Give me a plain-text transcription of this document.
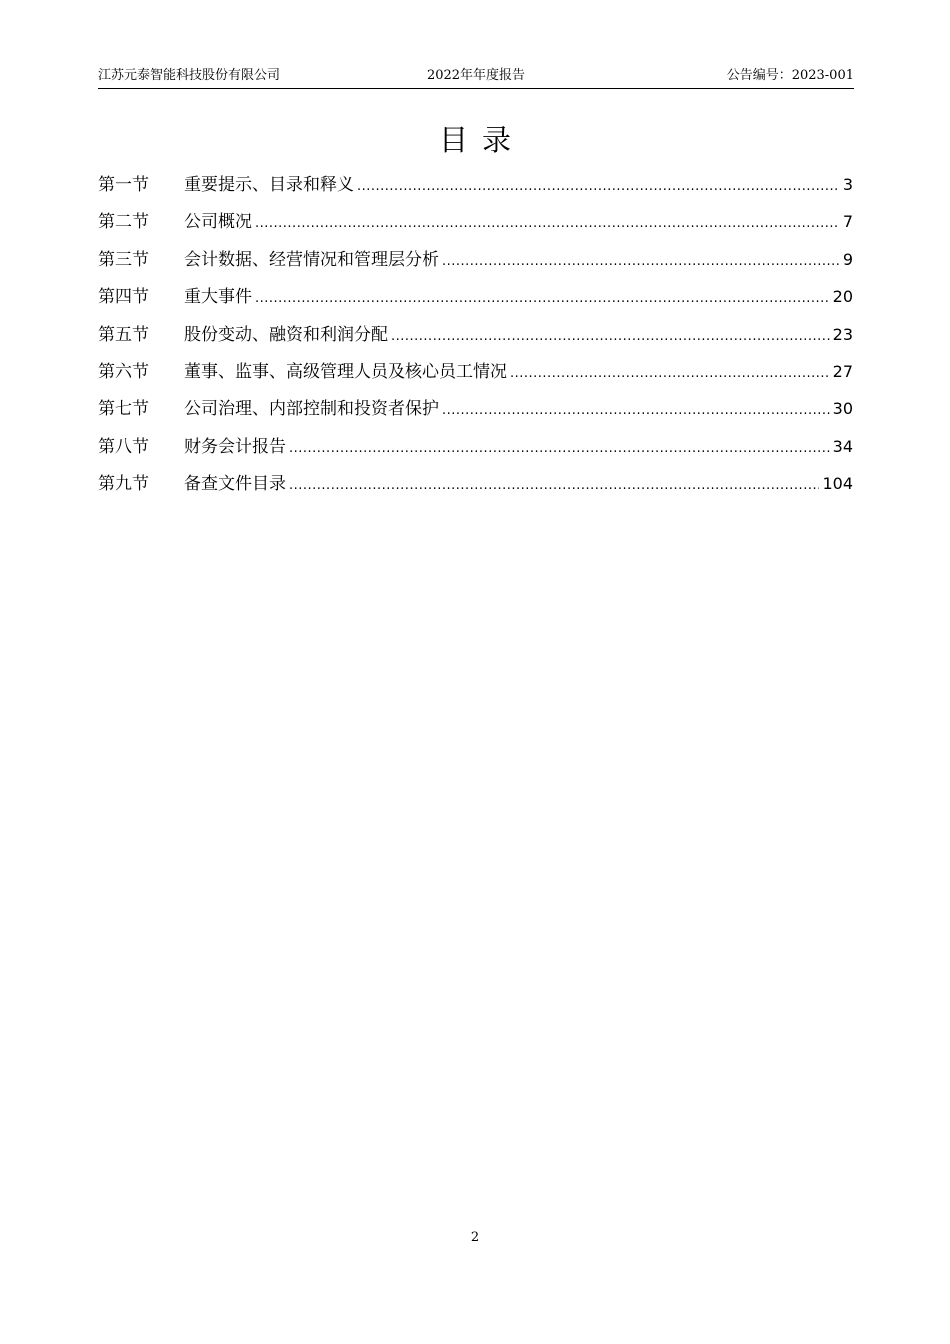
江苏元泰智能科技股份有限公司	2022年年度报告	公告编号：2023-001
目录
第一节	重要提示、目录和释义 .....	3
第二节	公司概况 .....	7
第三节	会计数据、经营情况和管理层分析 .....	9
第四节	重大事件 .....	20
第五节	股份变动、融资和利润分配 .....	23
第六节	董事、监事、高级管理人员及核心员工情况 .....	27
第七节	公司治理、内部控制和投资者保护 .....	30
第八节	财务会计报告 .....	34
第九节	备查文件目录 .....	104
2
